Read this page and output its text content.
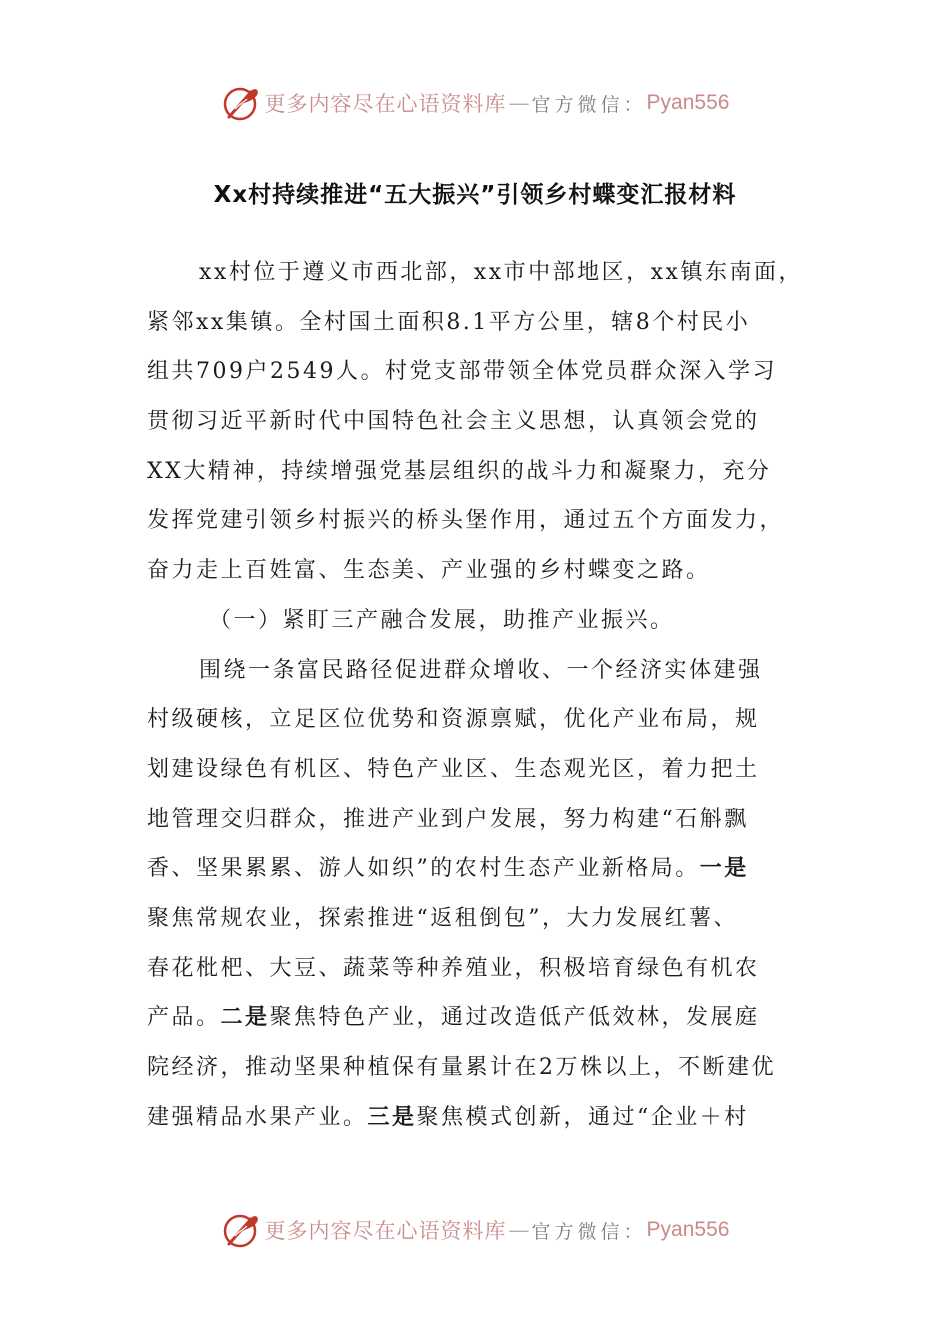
更多内容尽在心语资料库 — 官方微信： Pyan556
Xx村持续推进“五大振兴”引领乡村蝶变汇报材料
xx村位于遵义市西北部，xx市中部地区，xx镇东南面，
紧邻xx集镇。全村国土面积8.1平方公里，辖8个村民小
组共709户2549人。村党支部带领全体党员群众深入学习
贯彻习近平新时代中国特色社会主义思想，认真领会党的
XX大精神，持续增强党基层组织的战斗力和凝聚力，充分
发挥党建引领乡村振兴的桥头堡作用，通过五个方面发力，
奋力走上百姓富、生态美、产业强的乡村蝶变之路。
（一）紧盯三产融合发展，助推产业振兴。
围绕一条富民路径促进群众增收、一个经济实体建强
村级硬核，立足区位优势和资源禀赋，优化产业布局，规
划建设绿色有机区、特色产业区、生态观光区，着力把土
地管理交归群众，推进产业到户发展，努力构建“石斛飘
香、坚果累累、游人如织”的农村生态产业新格局。一是
聚焦常规农业，探索推进“返租倒包”，大力发展红薯、
春花枇杷、大豆、蔬菜等种养殖业，积极培育绿色有机农
产品。二是聚焦特色产业，通过改造低产低效林，发展庭
院经济，推动坚果种植保有量累计在2万株以上，不断建优
建强精品水果产业。三是聚焦模式创新，通过“企业＋村
更多内容尽在心语资料库 — 官方微信： Pyan556
